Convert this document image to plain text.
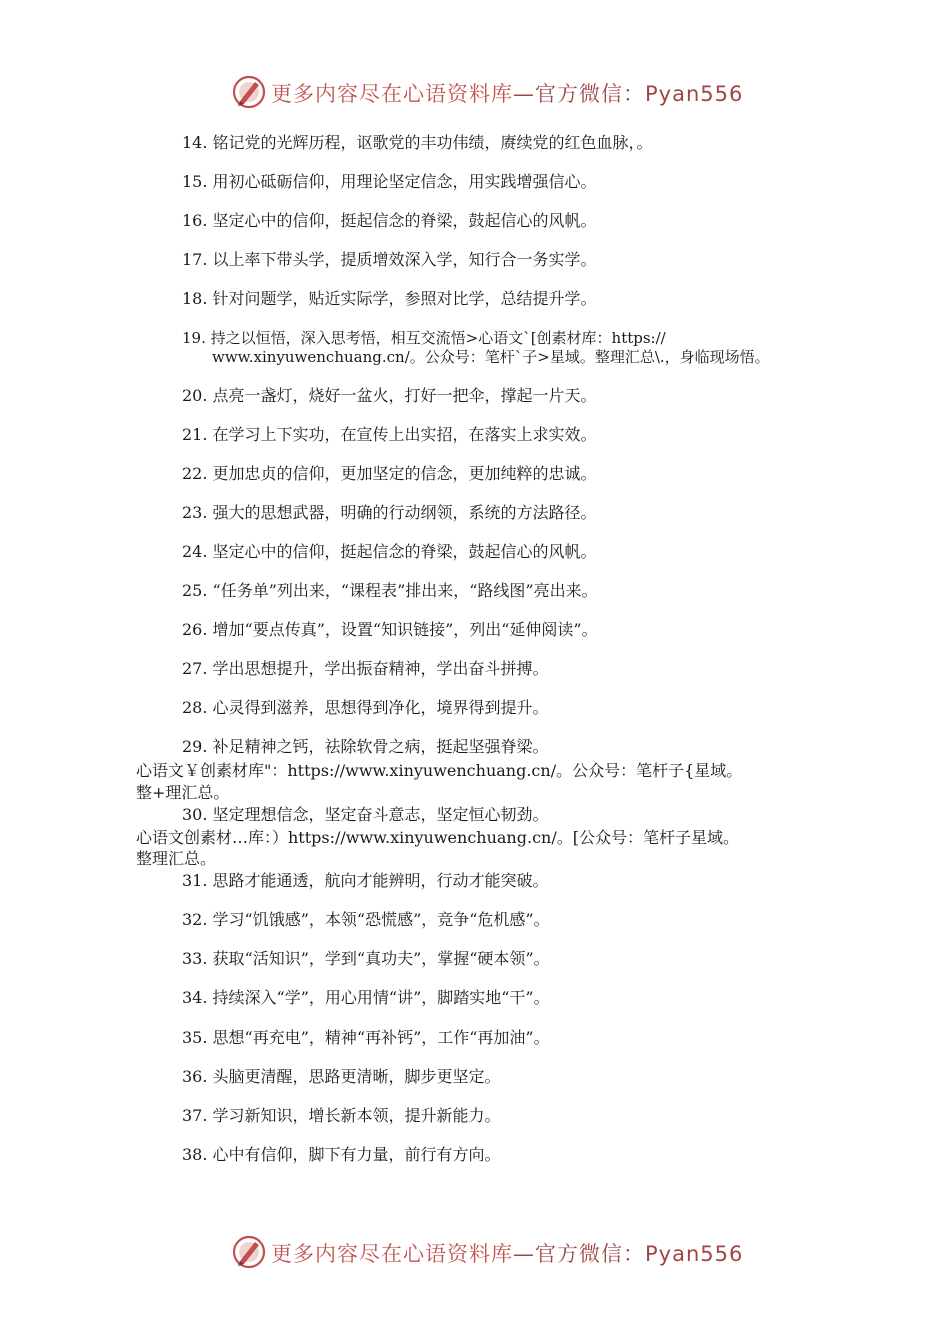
更多内容尽在心语资料库—官方微信：Pyan556
14. 铭记党的光辉历程，讴歌党的丰功伟绩，赓续党的红色血脉，。
15. 用初心砥砺信仰，用理论坚定信念，用实践增强信心。
16. 坚定心中的信仰，挺起信念的脊梁，鼓起信心的风帆。
17. 以上率下带头学，提质增效深入学，知行合一务实学。
18. 针对问题学，贴近实际学，参照对比学，总结提升学。
19. 持之以恒悟，深入思考悟，相互交流悟>心语文`[创素材库：https://
www.xinyuwenchuang.cn/。公众号：笔杆`子>星域。整理汇总\.，身临现场悟。
20. 点亮一盏灯，烧好一盆火，打好一把伞，撑起一片天。
21. 在学习上下实功，在宣传上出实招，在落实上求实效。
22. 更加忠贞的信仰，更加坚定的信念，更加纯粹的忠诚。
23. 强大的思想武器，明确的行动纲领，系统的方法路径。
24. 坚定心中的信仰，挺起信念的脊梁，鼓起信心的风帆。
25. “任务单”列出来，“课程表”排出来，“路线图”亮出来。
26. 增加“要点传真”，设置“知识链接”，列出“延伸阅读”。
27. 学出思想提升，学出振奋精神，学出奋斗拼搏。
28. 心灵得到滋养，思想得到净化，境界得到提升。
29. 补足精神之钙，祛除软骨之病，挺起坚强脊梁。
心语文￥创素材库"：https://www.xinyuwenchuang.cn/。公众号：笔杆子{星域。
整+理汇总。
30. 坚定理想信念，坚定奋斗意志，坚定恒心韧劲。
心语文创素材…库：）https://www.xinyuwenchuang.cn/。[公众号：笔杆子星域。
整理汇总。
31. 思路才能通透，航向才能辨明，行动才能突破。
32. 学习“饥饿感”，本领“恐慌感”，竞争“危机感”。
33. 获取“活知识”，学到“真功夫”，掌握“硬本领”。
34. 持续深入“学”，用心用情“讲”，脚踏实地“干”。
35. 思想“再充电”，精神“再补钙”，工作“再加油”。
36. 头脑更清醒，思路更清晰，脚步更坚定。
37. 学习新知识，增长新本领，提升新能力。
38. 心中有信仰，脚下有力量，前行有方向。
更多内容尽在心语资料库—官方微信：Pyan556
